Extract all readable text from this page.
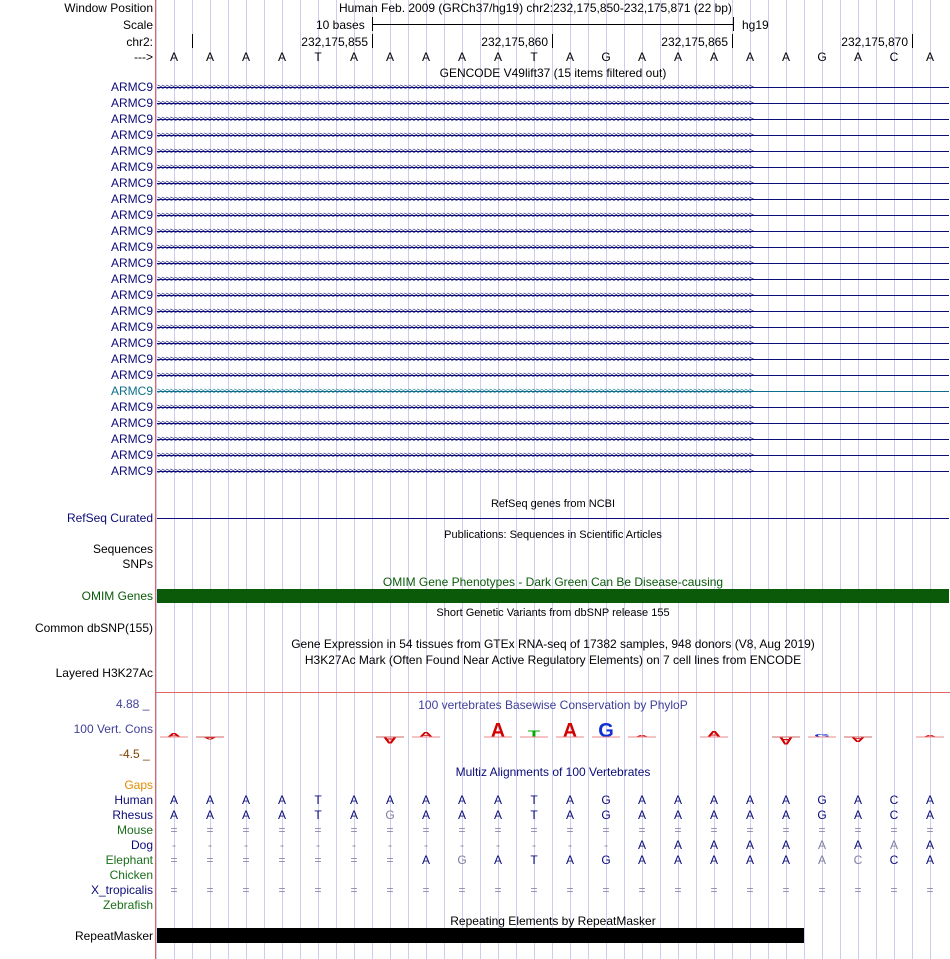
Window Position	Human Feb. 2009 (GRCh37/hg19) chr2:232,175,850-232,175,871 (22 bp)
Scale	10 bases	hg19
chr2:	232,175,855	232,175,860	232,175,865	232,175,870
---> A A A A T A A A A A T A G A A A A A G A C A
GENCODE V49lift37 (15 items filtered out)
ARMC9 >>>>>>>>>>>>>>>>>>>>>>>>>>>>>>>>>>>>>>>>>>>>>>>>>>>>>>>>>>>>>>>>>>>>>>>>>>>>>>>>>>>>>>>>>>>>>>>>>>>>>>>>>>>>>>>>>>>>>>>>>>>>>>>>>>>>>>>>>>>>
ARMC9 >>>>>>>>>>>>>>>>>>>>>>>>>>>>>>>>>>>>>>>>>>>>>>>>>>>>>>>>>>>>>>>>>>>>>>>>>>>>>>>>>>>>>>>>>>>>>>>>>>>>>>>>>>>>>>>>>>>>>>>>>>>>>>>>>>>>>>>>>>>>
ARMC9 >>>>>>>>>>>>>>>>>>>>>>>>>>>>>>>>>>>>>>>>>>>>>>>>>>>>>>>>>>>>>>>>>>>>>>>>>>>>>>>>>>>>>>>>>>>>>>>>>>>>>>>>>>>>>>>>>>>>>>>>>>>>>>>>>>>>>>>>>>>>
ARMC9 >>>>>>>>>>>>>>>>>>>>>>>>>>>>>>>>>>>>>>>>>>>>>>>>>>>>>>>>>>>>>>>>>>>>>>>>>>>>>>>>>>>>>>>>>>>>>>>>>>>>>>>>>>>>>>>>>>>>>>>>>>>>>>>>>>>>>>>>>>>>
ARMC9 >>>>>>>>>>>>>>>>>>>>>>>>>>>>>>>>>>>>>>>>>>>>>>>>>>>>>>>>>>>>>>>>>>>>>>>>>>>>>>>>>>>>>>>>>>>>>>>>>>>>>>>>>>>>>>>>>>>>>>>>>>>>>>>>>>>>>>>>>>>>
ARMC9 >>>>>>>>>>>>>>>>>>>>>>>>>>>>>>>>>>>>>>>>>>>>>>>>>>>>>>>>>>>>>>>>>>>>>>>>>>>>>>>>>>>>>>>>>>>>>>>>>>>>>>>>>>>>>>>>>>>>>>>>>>>>>>>>>>>>>>>>>>>>
ARMC9 >>>>>>>>>>>>>>>>>>>>>>>>>>>>>>>>>>>>>>>>>>>>>>>>>>>>>>>>>>>>>>>>>>>>>>>>>>>>>>>>>>>>>>>>>>>>>>>>>>>>>>>>>>>>>>>>>>>>>>>>>>>>>>>>>>>>>>>>>>>>
ARMC9 >>>>>>>>>>>>>>>>>>>>>>>>>>>>>>>>>>>>>>>>>>>>>>>>>>>>>>>>>>>>>>>>>>>>>>>>>>>>>>>>>>>>>>>>>>>>>>>>>>>>>>>>>>>>>>>>>>>>>>>>>>>>>>>>>>>>>>>>>>>>
ARMC9 >>>>>>>>>>>>>>>>>>>>>>>>>>>>>>>>>>>>>>>>>>>>>>>>>>>>>>>>>>>>>>>>>>>>>>>>>>>>>>>>>>>>>>>>>>>>>>>>>>>>>>>>>>>>>>>>>>>>>>>>>>>>>>>>>>>>>>>>>>>>
ARMC9 >>>>>>>>>>>>>>>>>>>>>>>>>>>>>>>>>>>>>>>>>>>>>>>>>>>>>>>>>>>>>>>>>>>>>>>>>>>>>>>>>>>>>>>>>>>>>>>>>>>>>>>>>>>>>>>>>>>>>>>>>>>>>>>>>>>>>>>>>>>>
ARMC9 >>>>>>>>>>>>>>>>>>>>>>>>>>>>>>>>>>>>>>>>>>>>>>>>>>>>>>>>>>>>>>>>>>>>>>>>>>>>>>>>>>>>>>>>>>>>>>>>>>>>>>>>>>>>>>>>>>>>>>>>>>>>>>>>>>>>>>>>>>>>
ARMC9 >>>>>>>>>>>>>>>>>>>>>>>>>>>>>>>>>>>>>>>>>>>>>>>>>>>>>>>>>>>>>>>>>>>>>>>>>>>>>>>>>>>>>>>>>>>>>>>>>>>>>>>>>>>>>>>>>>>>>>>>>>>>>>>>>>>>>>>>>>>>
ARMC9 >>>>>>>>>>>>>>>>>>>>>>>>>>>>>>>>>>>>>>>>>>>>>>>>>>>>>>>>>>>>>>>>>>>>>>>>>>>>>>>>>>>>>>>>>>>>>>>>>>>>>>>>>>>>>>>>>>>>>>>>>>>>>>>>>>>>>>>>>>>>
ARMC9 >>>>>>>>>>>>>>>>>>>>>>>>>>>>>>>>>>>>>>>>>>>>>>>>>>>>>>>>>>>>>>>>>>>>>>>>>>>>>>>>>>>>>>>>>>>>>>>>>>>>>>>>>>>>>>>>>>>>>>>>>>>>>>>>>>>>>>>>>>>>
ARMC9 >>>>>>>>>>>>>>>>>>>>>>>>>>>>>>>>>>>>>>>>>>>>>>>>>>>>>>>>>>>>>>>>>>>>>>>>>>>>>>>>>>>>>>>>>>>>>>>>>>>>>>>>>>>>>>>>>>>>>>>>>>>>>>>>>>>>>>>>>>>>
ARMC9 >>>>>>>>>>>>>>>>>>>>>>>>>>>>>>>>>>>>>>>>>>>>>>>>>>>>>>>>>>>>>>>>>>>>>>>>>>>>>>>>>>>>>>>>>>>>>>>>>>>>>>>>>>>>>>>>>>>>>>>>>>>>>>>>>>>>>>>>>>>>
ARMC9 >>>>>>>>>>>>>>>>>>>>>>>>>>>>>>>>>>>>>>>>>>>>>>>>>>>>>>>>>>>>>>>>>>>>>>>>>>>>>>>>>>>>>>>>>>>>>>>>>>>>>>>>>>>>>>>>>>>>>>>>>>>>>>>>>>>>>>>>>>>>
ARMC9 >>>>>>>>>>>>>>>>>>>>>>>>>>>>>>>>>>>>>>>>>>>>>>>>>>>>>>>>>>>>>>>>>>>>>>>>>>>>>>>>>>>>>>>>>>>>>>>>>>>>>>>>>>>>>>>>>>>>>>>>>>>>>>>>>>>>>>>>>>>>
ARMC9 >>>>>>>>>>>>>>>>>>>>>>>>>>>>>>>>>>>>>>>>>>>>>>>>>>>>>>>>>>>>>>>>>>>>>>>>>>>>>>>>>>>>>>>>>>>>>>>>>>>>>>>>>>>>>>>>>>>>>>>>>>>>>>>>>>>>>>>>>>>>
ARMC9 >>>>>>>>>>>>>>>>>>>>>>>>>>>>>>>>>>>>>>>>>>>>>>>>>>>>>>>>>>>>>>>>>>>>>>>>>>>>>>>>>>>>>>>>>>>>>>>>>>>>>>>>>>>>>>>>>>>>>>>>>>>>>>>>>>>>>>>>>>>>
ARMC9 >>>>>>>>>>>>>>>>>>>>>>>>>>>>>>>>>>>>>>>>>>>>>>>>>>>>>>>>>>>>>>>>>>>>>>>>>>>>>>>>>>>>>>>>>>>>>>>>>>>>>>>>>>>>>>>>>>>>>>>>>>>>>>>>>>>>>>>>>>>>
ARMC9 >>>>>>>>>>>>>>>>>>>>>>>>>>>>>>>>>>>>>>>>>>>>>>>>>>>>>>>>>>>>>>>>>>>>>>>>>>>>>>>>>>>>>>>>>>>>>>>>>>>>>>>>>>>>>>>>>>>>>>>>>>>>>>>>>>>>>>>>>>>>
ARMC9 >>>>>>>>>>>>>>>>>>>>>>>>>>>>>>>>>>>>>>>>>>>>>>>>>>>>>>>>>>>>>>>>>>>>>>>>>>>>>>>>>>>>>>>>>>>>>>>>>>>>>>>>>>>>>>>>>>>>>>>>>>>>>>>>>>>>>>>>>>>>
ARMC9 >>>>>>>>>>>>>>>>>>>>>>>>>>>>>>>>>>>>>>>>>>>>>>>>>>>>>>>>>>>>>>>>>>>>>>>>>>>>>>>>>>>>>>>>>>>>>>>>>>>>>>>>>>>>>>>>>>>>>>>>>>>>>>>>>>>>>>>>>>>>
ARMC9 >>>>>>>>>>>>>>>>>>>>>>>>>>>>>>>>>>>>>>>>>>>>>>>>>>>>>>>>>>>>>>>>>>>>>>>>>>>>>>>>>>>>>>>>>>>>>>>>>>>>>>>>>>>>>>>>>>>>>>>>>>>>>>>>>>>>>>>>>>>>
RefSeq genes from NCBI
RefSeq Curated
Publications: Sequences in Scientific Articles
Sequences
SNPs
OMIM Gene Phenotypes - Dark Green Can Be Disease-causing
OMIM Genes
Short Genetic Variants from dbSNP release 155
Common dbSNP(155)
Gene Expression in 54 tissues from GTEx RNA-seq of 17382 samples, 948 donors (V8, Aug 2019)
H3K27Ac Mark (Often Found Near Active Regulatory Elements) on 7 cell lines from ENCODE
Layered H3K27Ac
100 vertebrates Basewise Conservation by PhyloP
4.88 _
100 Vert. Cons
-4.5 _
A A	A A	A T A G A	A	A G A	A
Multiz Alignments of 100 Vertebrates
Gaps
Human A A A A T A A A A A T A G A A A A A G A C A
Rhesus A A A A T A G A A A T A G A A A A A G A C A
Mouse = = = = = = = = = = = = = = = = = = = = = =
Dog	-	-	-	-	-	-	-	-	-	-	-	-	-	A A A A A A A A A
Elephant = = = = = = = A G A T A G A A A A A A C C A
Chicken
X_tropicalis = = = = = = = = = = = = = = = = = = = = = =
Zebrafish
Repeating Elements by RepeatMasker
RepeatMasker
